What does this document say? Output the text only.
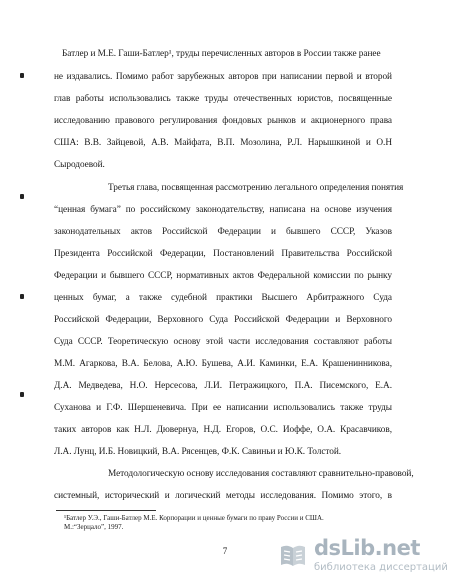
Батлер и М.Е. Гаши-Батлер¹, труды перечисленных авторов в России также ранее
не издавались. Помимо работ зарубежных авторов при написании первой и второй
глав работы использовались также труды отечественных юристов, посвященные
исследованию правового регулирования фондовых рынков и акционерного права
США: В.В. Зайцевой, А.В. Майфата, В.П. Мозолина, Р.Л. Нарышкиной и О.Н
Сыродоевой.
Третья глава, посвященная рассмотрению легального определения понятия
“ценная бумага” по российскому законодательству, написана на основе изучения
законодательных актов Российской Федерации и бывшего СССР, Указов
Президента Российской Федерации, Постановлений Правительства Российской
Федерации и бывшего СССР, нормативных актов Федеральной комиссии по рынку
ценных бумаг, а также судебной практики Высшего Арбитражного Суда
Российской Федерации, Верховного Суда Российской Федерации и Верховного
Суда СССР. Теоретическую основу этой части исследования составляют работы
М.М. Агаркова, В.А. Белова, А.Ю. Бушева, А.И. Каминки, Е.А. Крашенинникова,
Д.А. Медведева, Н.О. Нерсесова, Л.И. Петражицкого, П.А. Писемского, Е.А.
Суханова и Г.Ф. Шершеневича. При ее написании использовались также труды
таких авторов как Н.Л. Дювернуа, Н.Д. Егоров, О.С. Иоффе, О.А. Красавчиков,
Л.А. Лунц, И.Б. Новицкий, В.А. Рясенцев, Ф.К. Савиньи и Ю.К. Толстой.
Методологическую основу исследования составляют сравнительно-правовой,
системный, исторический и логический методы исследования. Помимо этого, в
¹Батлер У.Э., Гаши-Батлер М.Е. Корпорации и ценные бумаги по праву России и США.
М.:“Зерцало”, 1997.
7	dsLib.net
библиотека диссертаций
